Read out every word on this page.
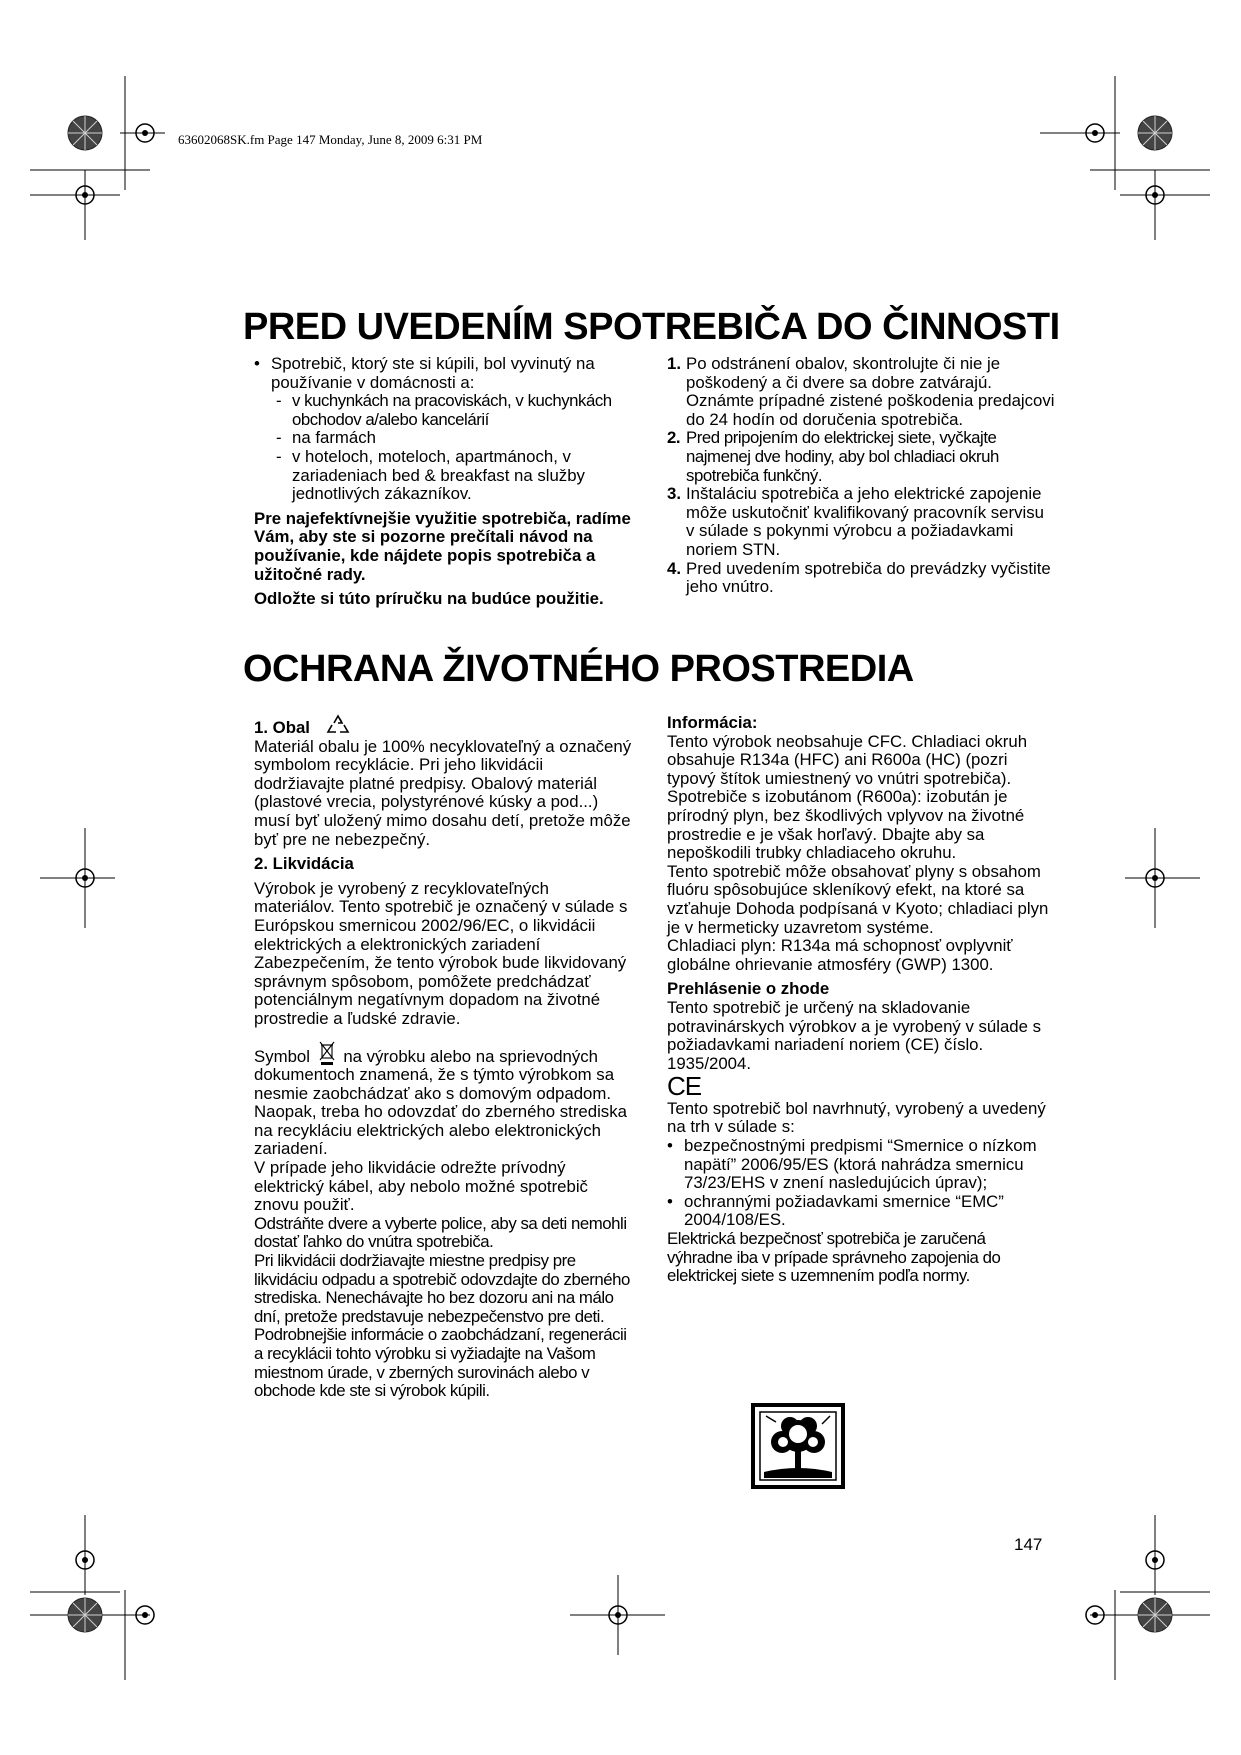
63602068SK.fm Page 147 Monday, June 8, 2009 6:31 PM
PRED UVEDENÍM SPOTREBIČA DO ČINNOSTI

• Spotrebič, ktorý ste si kúpili, bol vyvinutý na používanie v domácnosti a:

- v kuchynkách na pracoviskách, v kuchynkách obchodov a/alebo kancelárií

- na farmách

- v hoteloch, moteloch, apartmánoch, v zariadeniach bed & breakfast na služby jednotlivých zákazníkov.

Pre najefektívnejšie využitie spotrebiča, radíme Vám, aby ste si pozorne prečítali návod na používanie, kde nájdete popis spotrebiča a užitočné rady.

Odložte si túto príručku na budúce použitie.

1. Po odstránení obalov, skontrolujte či nie je poškodený a či dvere sa dobre zatvárajú. Oznámte prípadné zistené poškodenia predajcovi do 24 hodín od doručenia spotrebiča.

2. Pred pripojením do elektrickej siete, vyčkajte najmenej dve hodiny, aby bol chladiaci okruh spotrebiča funkčný.

3. Inštaláciu spotrebiča a jeho elektrické zapojenie môže uskutočniť kvalifikovaný pracovník servisu v súlade s pokynmi výrobcu a požiadavkami noriem STN.

4. Pred uvedením spotrebiča do prevádzky vyčistite jeho vnútro.

OCHRANA ŽIVOTNÉHO PROSTREDIA

1. Obal

Materiál obalu je 100% necyklovateľný a označený symbolom recyklácie. Pri jeho likvidácii dodržiavajte platné predpisy. Obalový materiál (plastové vrecia, polystyrénové kúsky a pod...) musí byť uložený mimo dosahu detí, pretože môže byť pre ne nebezpečný.

2. Likvidácia

Výrobok je vyrobený z recyklovateľných materiálov. Tento spotrebič je označený v súlade s Európskou smernicou 2002/96/EC, o likvidácii elektrických a elektronických zariadení Zabezpečením, že tento výrobok bude likvidovaný správnym spôsobom, pomôžete predchádzať potenciálnym negatívnym dopadom na životné prostredie a ľudské zdravie.

Symbol na výrobku alebo na sprievodných dokumentoch znamená, že s týmto výrobkom sa nesmie zaobchádzať ako s domovým odpadom. Naopak, treba ho odovzdať do zberného strediska na recykláciu elektrických alebo elektronických zariadení.

V prípade jeho likvidácie odrežte prívodný elektrický kábel, aby nebolo možné spotrebič znovu použiť.

Odstráňte dvere a vyberte police, aby sa deti nemohli dostať ľahko do vnútra spotrebiča.

Pri likvidácii dodržiavajte miestne predpisy pre likvidáciu odpadu a spotrebič odovzdajte do zberného strediska. Nenechávajte ho bez dozoru ani na málo dní, pretože predstavuje nebezpečenstvo pre deti. Podrobnejšie informácie o zaobchádzaní, regenerácii a recyklácii tohto výrobku si vyžiadajte na Vašom miestnom úrade, v zberných surovinách alebo v obchode kde ste si výrobok kúpili.

Informácia:

Tento výrobok neobsahuje CFC. Chladiaci okruh obsahuje R134a (HFC) ani R600a (HC) (pozri typový štítok umiestnený vo vnútri spotrebiča).

Spotrebiče s izobutánom (R600a): izobután je prírodný plyn, bez škodlivých vplyvov na životné prostredie e je však horľavý. Dbajte aby sa nepoškodili trubky chladiaceho okruhu.

Tento spotrebič môže obsahovať plyny s obsahom fluóru spôsobujúce skleníkový efekt, na ktoré sa vzťahuje Dohoda podpísaná v Kyoto; chladiaci plyn je v hermeticky uzavretom systéme.

Chladiaci plyn: R134a má schopnosť ovplyvniť globálne ohrievanie atmosféry (GWP) 1300.

Prehlásenie o zhode

Tento spotrebič je určený na skladovanie potravinárskych výrobkov a je vyrobený v súlade s požiadavkami nariadení noriem (CE) číslo. 1935/2004.

CE

Tento spotrebič bol navrhnutý, vyrobený a uvedený na trh v súlade s:

• bezpečnostnými predpismi “Smernice o nízkom napätí” 2006/95/ES (ktorá nahrádza smernicu 73/23/EHS v znení nasledujúcich úprav);

• ochrannými požiadavkami smernice “EMC” 2004/108/ES.

Elektrická bezpečnosť spotrebiča je zaručená výhradne iba v prípade správneho zapojenia do elektrickej siete s uzemnením podľa normy.

147
